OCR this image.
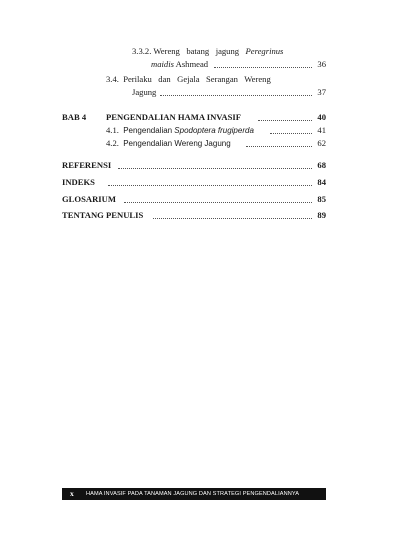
3.3.2. Wereng batang jagung Peregrinus
maidis Ashmead	36
3.4. Perilaku   dan   Gejala   Serangan   Wereng
Jagung	37
BAB 4 PENGENDALIAN HAMA INVASIF	40
4.1. Pengendalian Spodoptera frugiperda	41
4.2. Pengendalian Wereng Jagung	62
REFERENSI	68
INDEKS	84
GLOSARIUM	85
TENTANG PENULIS	89
x HAMA INVASIF PADA TANAMAN JAGUNG DAN STRATEGI PENGENDALIANNYA
